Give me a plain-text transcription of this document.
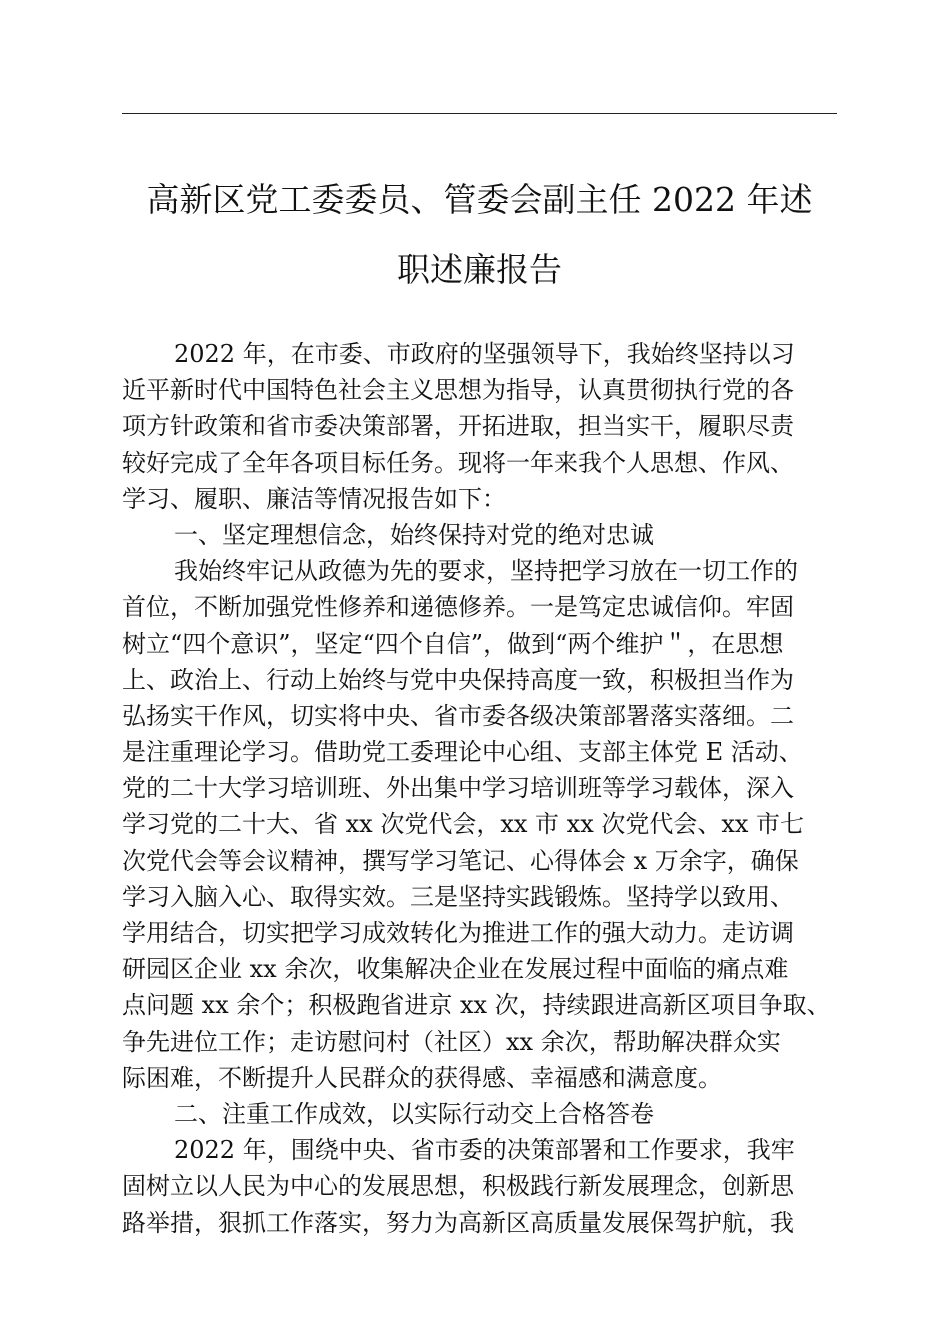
高新区党工委委员、管委会副主任 2022 年述
职述廉报告
2022 年，在市委、市政府的坚强领导下，我始终坚持以习
近平新时代中国特色社会主义思想为指导，认真贯彻执行党的各
项方针政策和省市委决策部署，开拓进取，担当实干，履职尽责
较好完成了全年各项目标任务。现将一年来我个人思想、作风、
学习、履职、廉洁等情况报告如下：
一、坚定理想信念，始终保持对党的绝对忠诚
我始终牢记从政德为先的要求，坚持把学习放在一切工作的
首位，不断加强党性修养和递德修养。一是笃定忠诚信仰。牢固
树立“四个意识”，坚定“四个自信”，做到“两个维护＂，在思想
上、政治上、行动上始终与党中央保持高度一致，积极担当作为
弘扬实干作风，切实将中央、省市委各级决策部署落实落细。二
是注重理论学习。借助党工委理论中心组、支部主体党 E 活动、
党的二十大学习培训班、外出集中学习培训班等学习载体，深入
学习党的二十大、省 xx 次党代会，xx 市 xx 次党代会、xx 市七
次党代会等会议精神，撰写学习笔记、心得体会 x 万余字，确保
学习入脑入心、取得实效。三是坚持实践锻炼。坚持学以致用、
学用结合，切实把学习成效转化为推进工作的强大动力。走访调
研园区企业 xx 余次，收集解决企业在发展过程中面临的痛点难
点问题 xx 余个；积极跑省进京 xx 次，持续跟进高新区项目争取、
争先进位工作；走访慰问村（社区）xx 余次，帮助解决群众实
际困难，不断提升人民群众的获得感、幸福感和满意度。
二、注重工作成效，以实际行动交上合格答卷
2022 年，围绕中央、省市委的决策部署和工作要求，我牢
固树立以人民为中心的发展思想，积极践行新发展理念，创新思
路举措，狠抓工作落实，努力为高新区高质量发展保驾护航，我
